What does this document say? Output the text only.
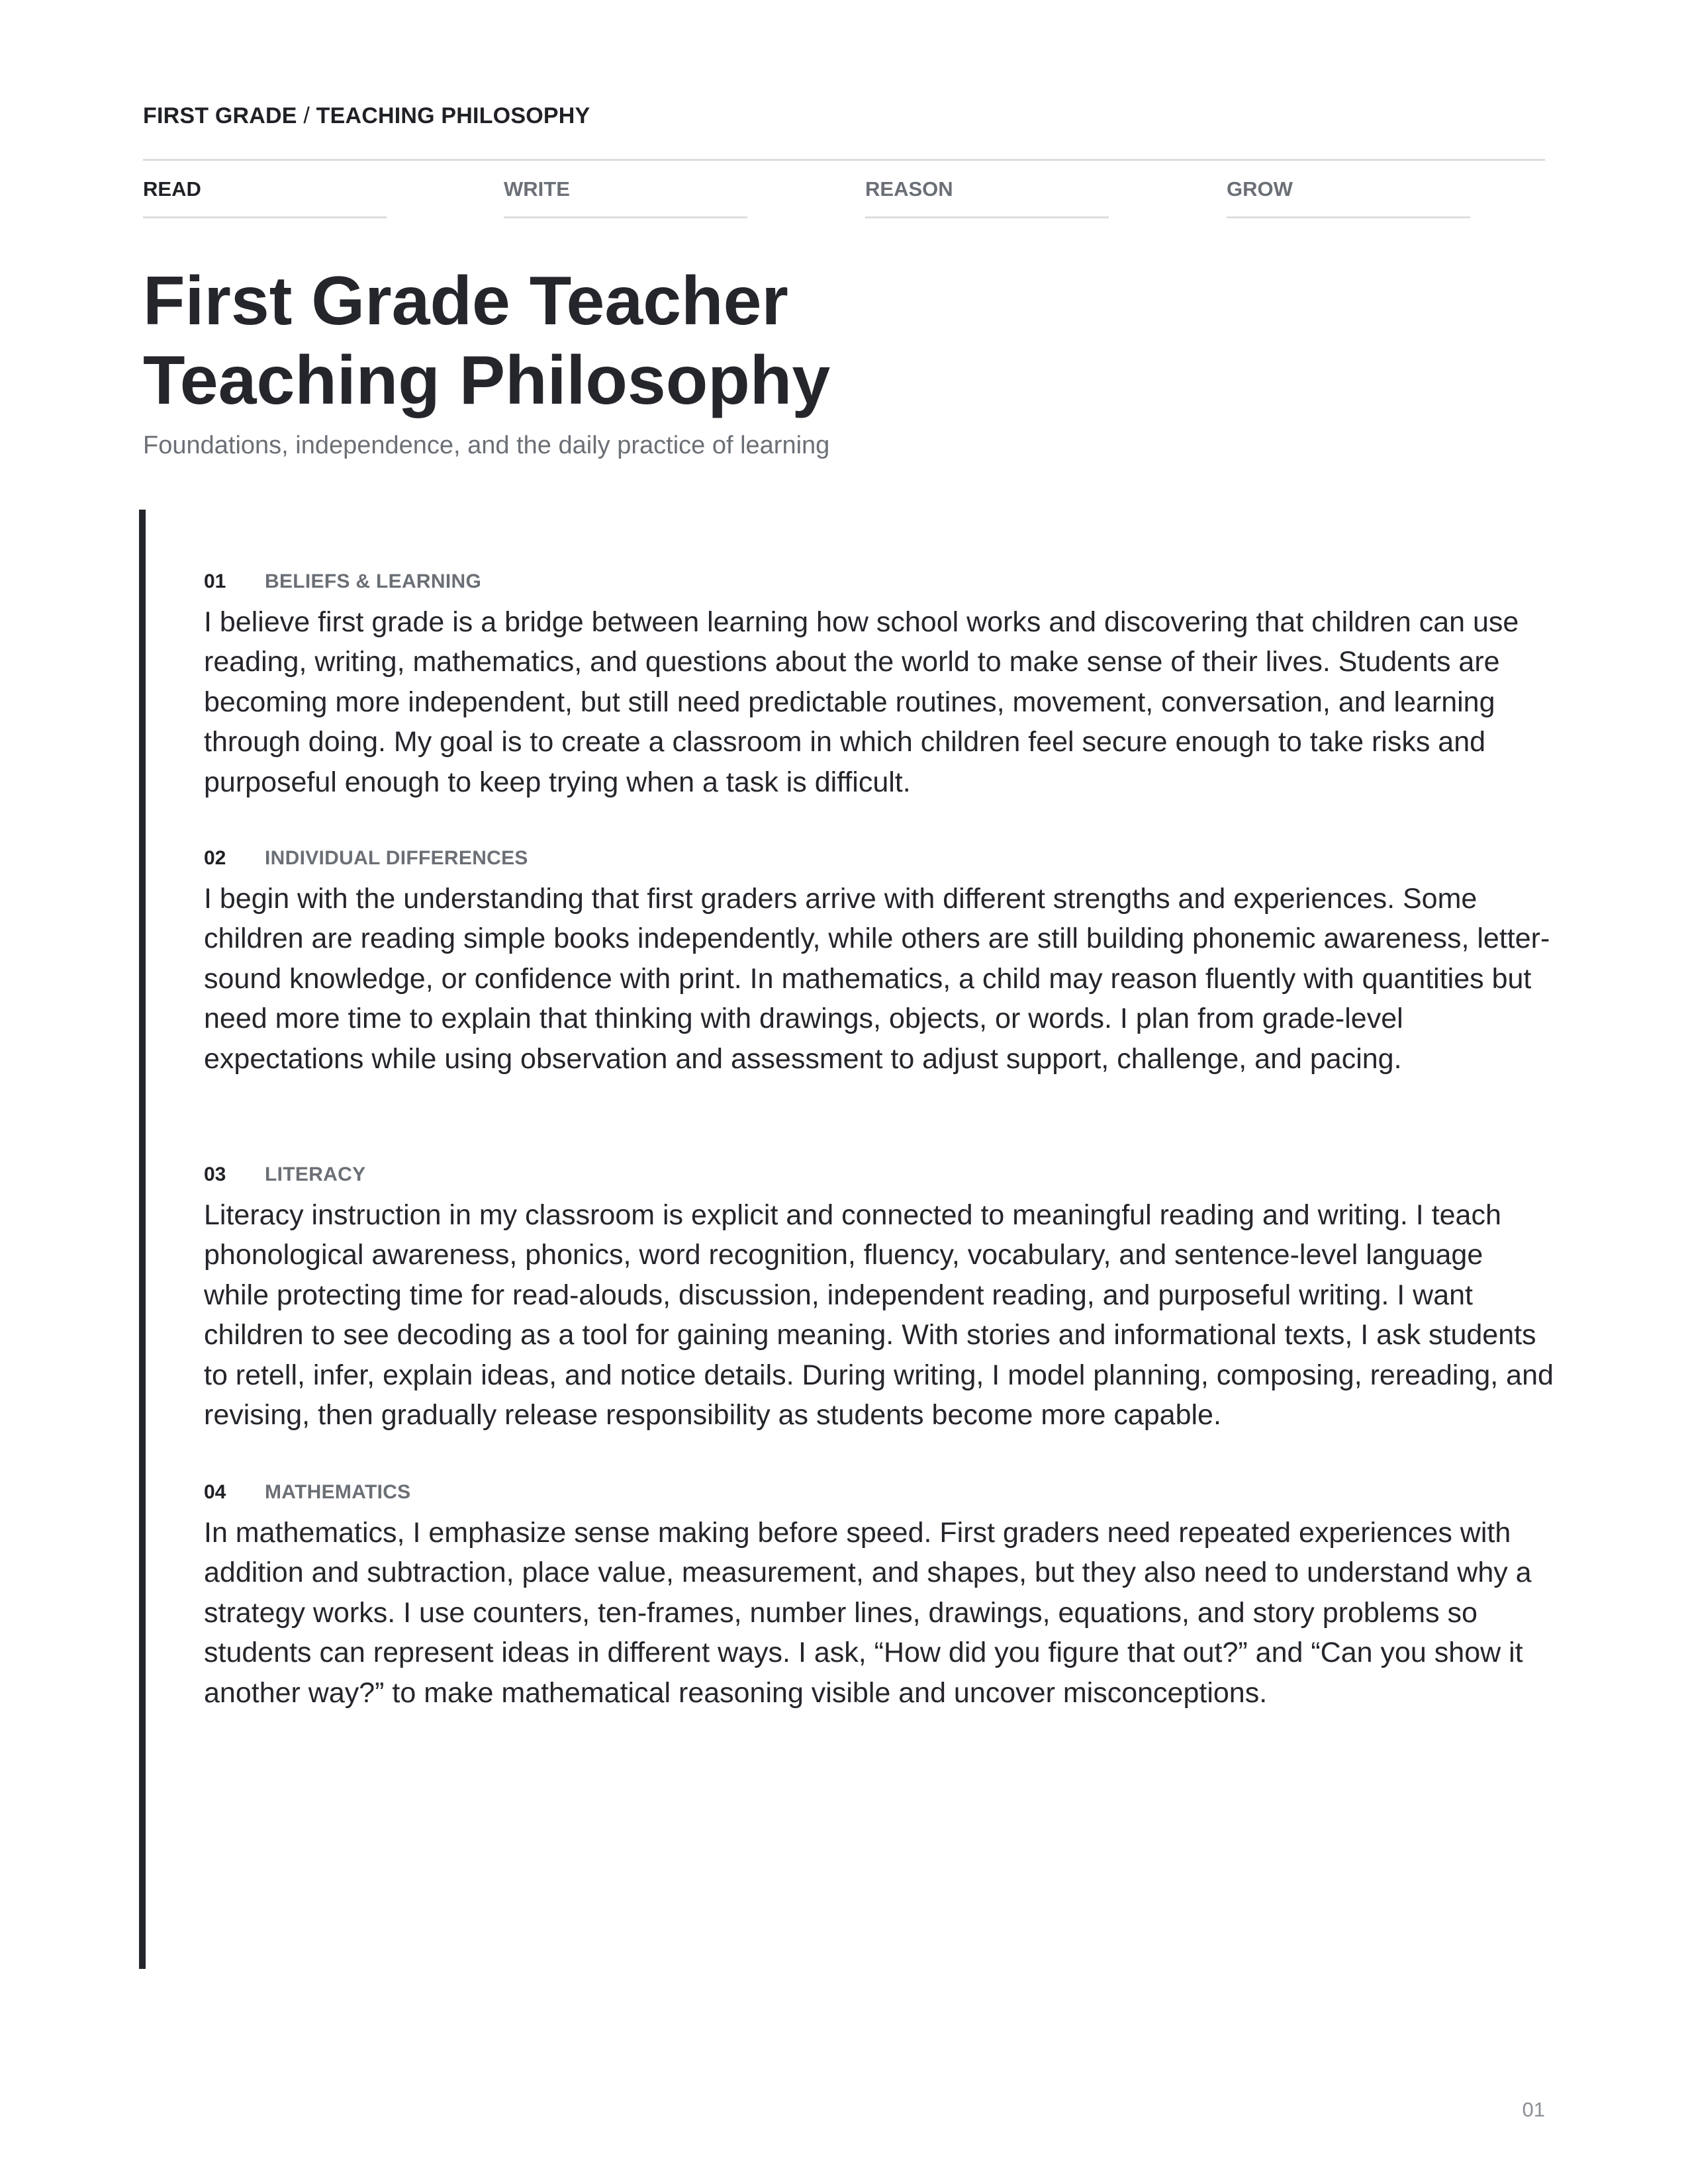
FIRST GRADE / TEACHING PHILOSOPHY
READ	WRITE	REASON	GROW
First Grade Teacher
Teaching Philosophy
Foundations, independence, and the daily practice of learning
01 BELIEFS & LEARNING

I believe first grade is a bridge between learning how school works and discovering that children can use reading, writing, mathematics, and questions about the world to make sense of their lives. Students are becoming more independent, but still need predictable routines, movement, conversation, and learning through doing. My goal is to create a classroom in which children feel secure enough to take risks and purposeful enough to keep trying when a task is difficult.

02 INDIVIDUAL DIFFERENCES

I begin with the understanding that first graders arrive with different strengths and experiences. Some children are reading simple books independently, while others are still building phonemic awareness, letter-sound knowledge, or confidence with print. In mathematics, a child may reason fluently with quantities but need more time to explain that thinking with drawings, objects, or words. I plan from grade-level expectations while using observation and assessment to adjust support, challenge, and pacing.

03 LITERACY

Literacy instruction in my classroom is explicit and connected to meaningful reading and writing. I teach phonological awareness, phonics, word recognition, fluency, vocabulary, and sentence-level language while protecting time for read-alouds, discussion, independent reading, and purposeful writing. I want children to see decoding as a tool for gaining meaning. With stories and informational texts, I ask students to retell, infer, explain ideas, and notice details. During writing, I model planning, composing, rereading, and revising, then gradually release responsibility as students become more capable.

04 MATHEMATICS

In mathematics, I emphasize sense making before speed. First graders need repeated experiences with addition and subtraction, place value, measurement, and shapes, but they also need to understand why a strategy works. I use counters, ten-frames, number lines, drawings, equations, and story problems so students can represent ideas in different ways. I ask, “How did you figure that out?” and “Can you show it another way?” to make mathematical reasoning visible and uncover misconceptions.

01
